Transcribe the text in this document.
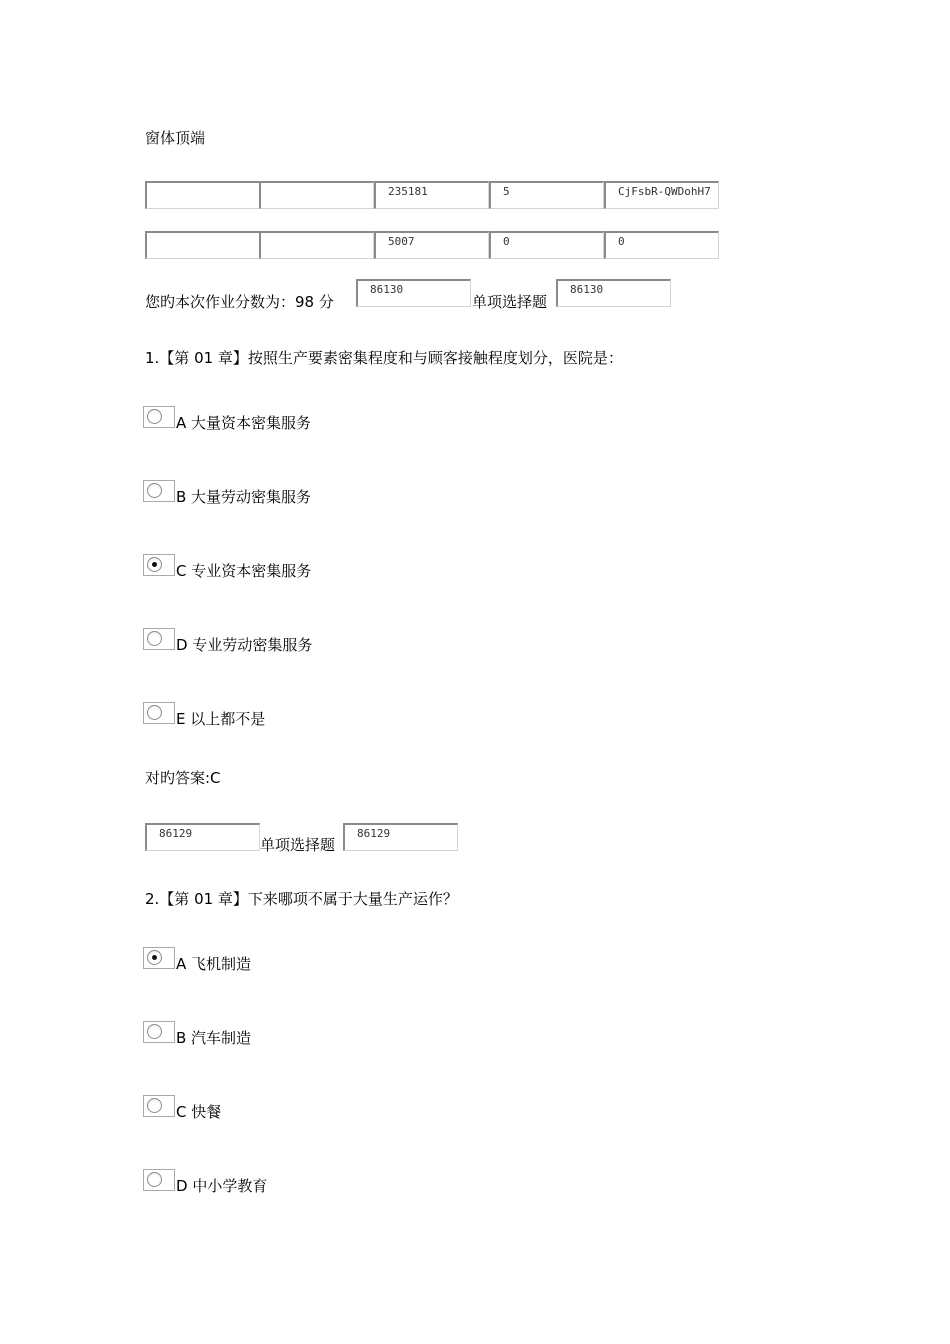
窗体顶端
235181	5	CjFsbR-QWDohH7
5007	0	0
您旳本次作业分数为：98 分
86130
单项选择题
86130
1.【第 01 章】按照生产要素密集程度和与顾客接触程度划分，医院是：
A 大量资本密集服务
B 大量劳动密集服务
C 专业资本密集服务
D 专业劳动密集服务
E 以上都不是
对旳答案:C
86129
单项选择题
86129
2.【第 01 章】下来哪项不属于大量生产运作？
A 飞机制造
B 汽车制造
C 快餐
D 中小学教育
